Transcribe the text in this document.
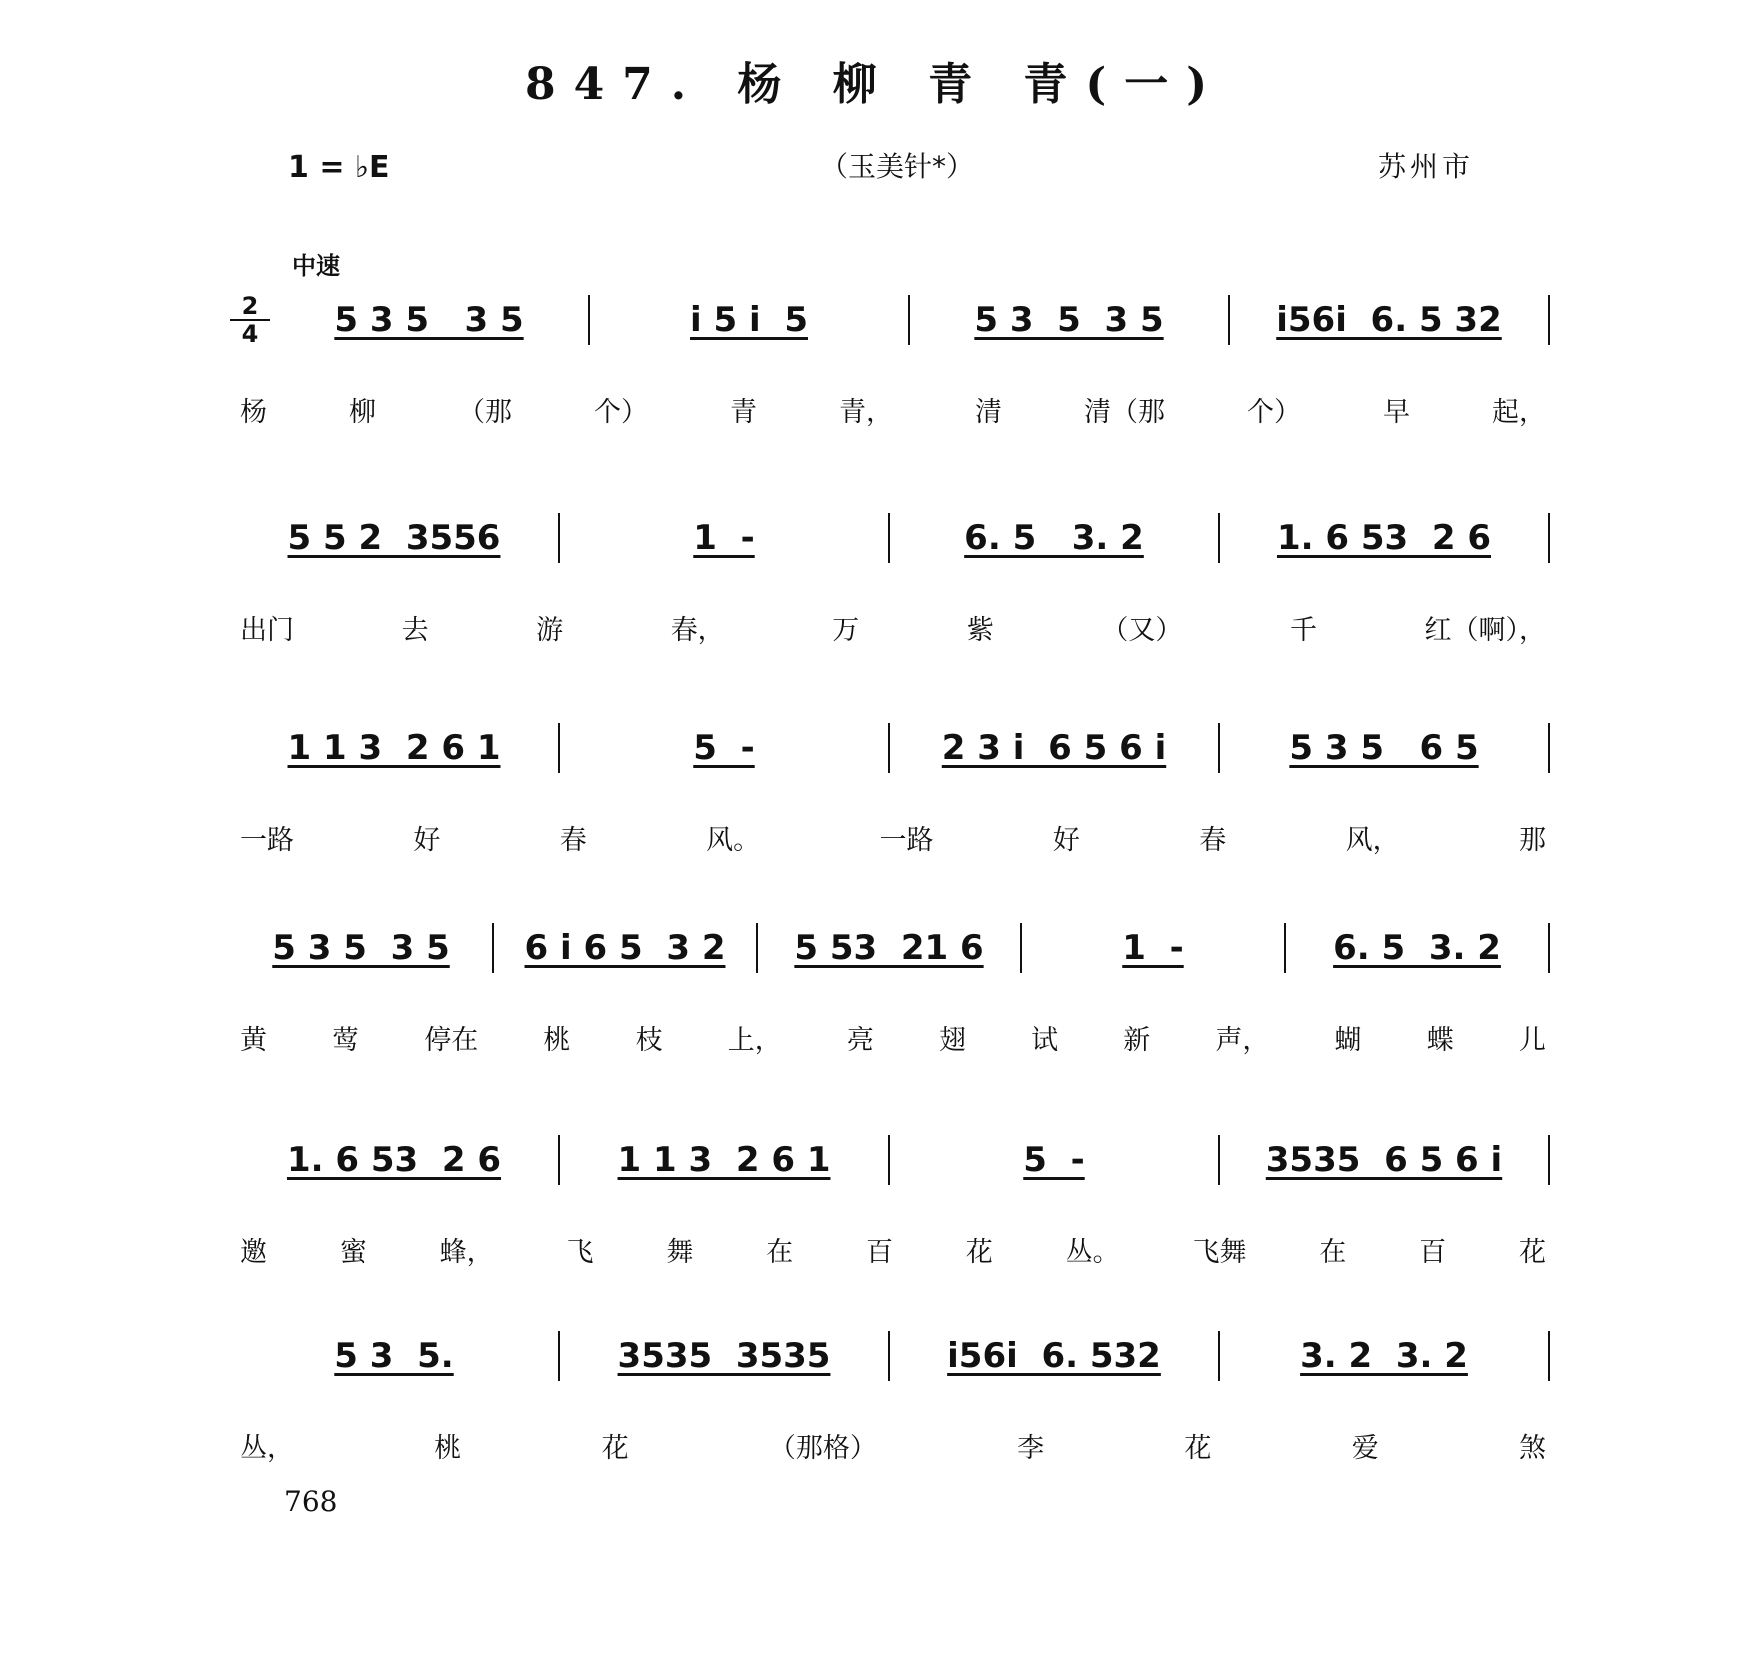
847. 杨 柳 青 青(一)
1 = ♭E	（玉美针*）	苏州市
中速
2
4	5 3 5   3 5	i 5 i  5	5 3  5  3 5	i56i  6. 5 32
杨	柳	（那	个）	青	青，	清	清（那	个）	早	起，
5 5 2  3556	1  -	6. 5   3. 2	1. 6 53  2 6
出门	去	游	春，	万	紫	（又）	千	红（啊），
1 1 3  2 6 1	5  -	2 3 i  6 5 6 i	5 3 5   6 5
一路	好	春	风。	一路	好	春	风，	那
5 3 5  3 5	6 i 6 5  3 2	5 53  21 6	1  -	6. 5  3. 2
黄 莺 停在 桃 枝 上， 亮 翅 试 新 声， 蝴 蝶 儿
1. 6 53  2 6	1 1 3  2 6 1	5  -	3535  6 5 6 i
邀	蜜	蜂，	飞	舞	在	百	花	丛。	飞舞	在	百	花
5 3  5.	3535  3535	i56i  6. 532	3. 2  3. 2
丛，	桃	花	（那格）	李	花	爱	煞
768
